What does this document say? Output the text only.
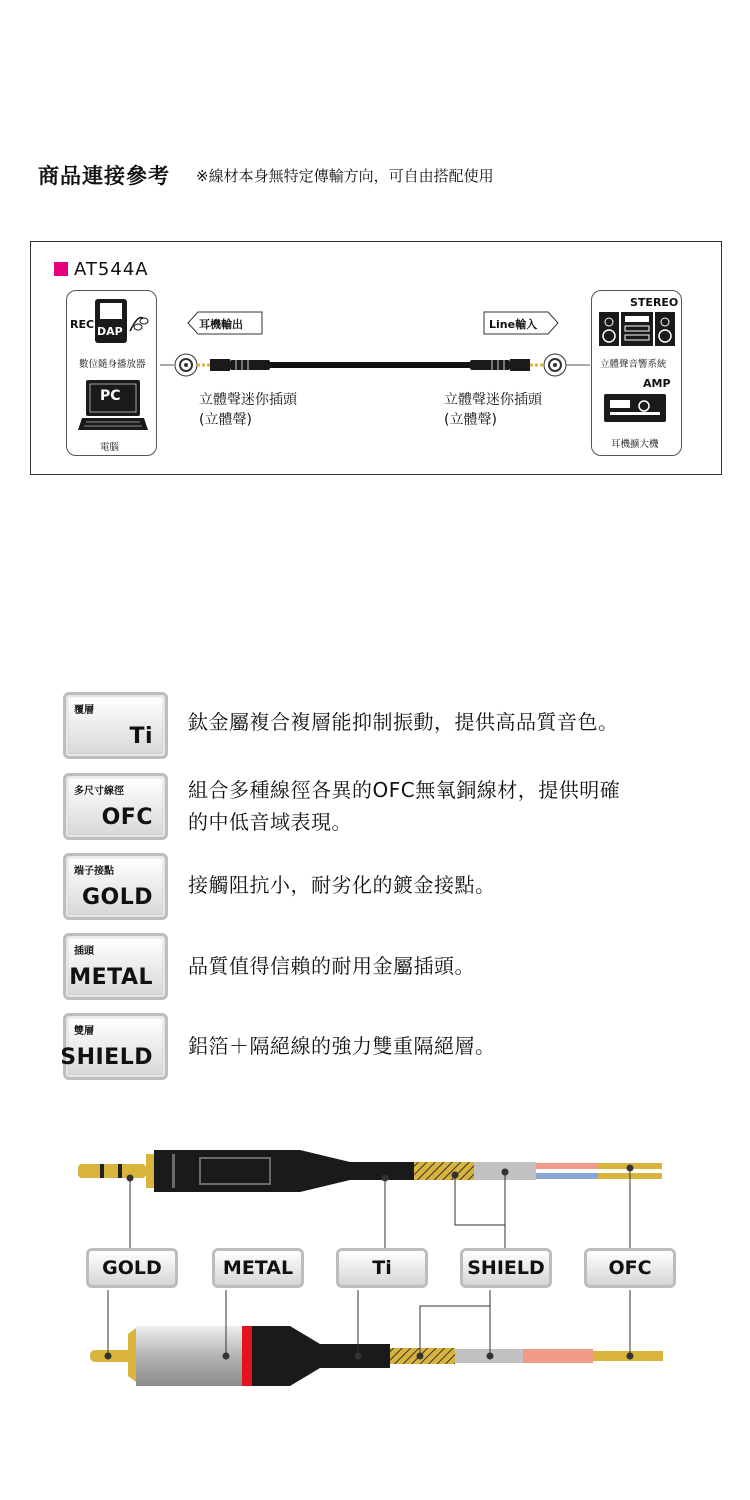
商品連接參考 ※線材本身無特定傳輸方向，可自由搭配使用
AT544A
REC
DAP
數位隨身播放器
PC
電腦
STEREO
立體聲音響系統
AMP
耳機擴大機
耳機輸出	Line輸入
立體聲迷你插頭
(立體聲)
立體聲迷你插頭
(立體聲)
覆層
Ti
鈦金屬複合複層能抑制振動，提供高品質音色。
多尺寸線徑
OFC
組合多種線徑各異的OFC無氧銅線材，提供明確
的中低音域表現。
端子接點
GOLD 接觸阻抗小，耐劣化的鍍金接點。
插頭
METAL 品質值得信賴的耐用金屬插頭。
雙層
SHIELD 鋁箔＋隔絕線的強力雙重隔絕層。
GOLD	METAL	Ti	SHIELD	OFC
